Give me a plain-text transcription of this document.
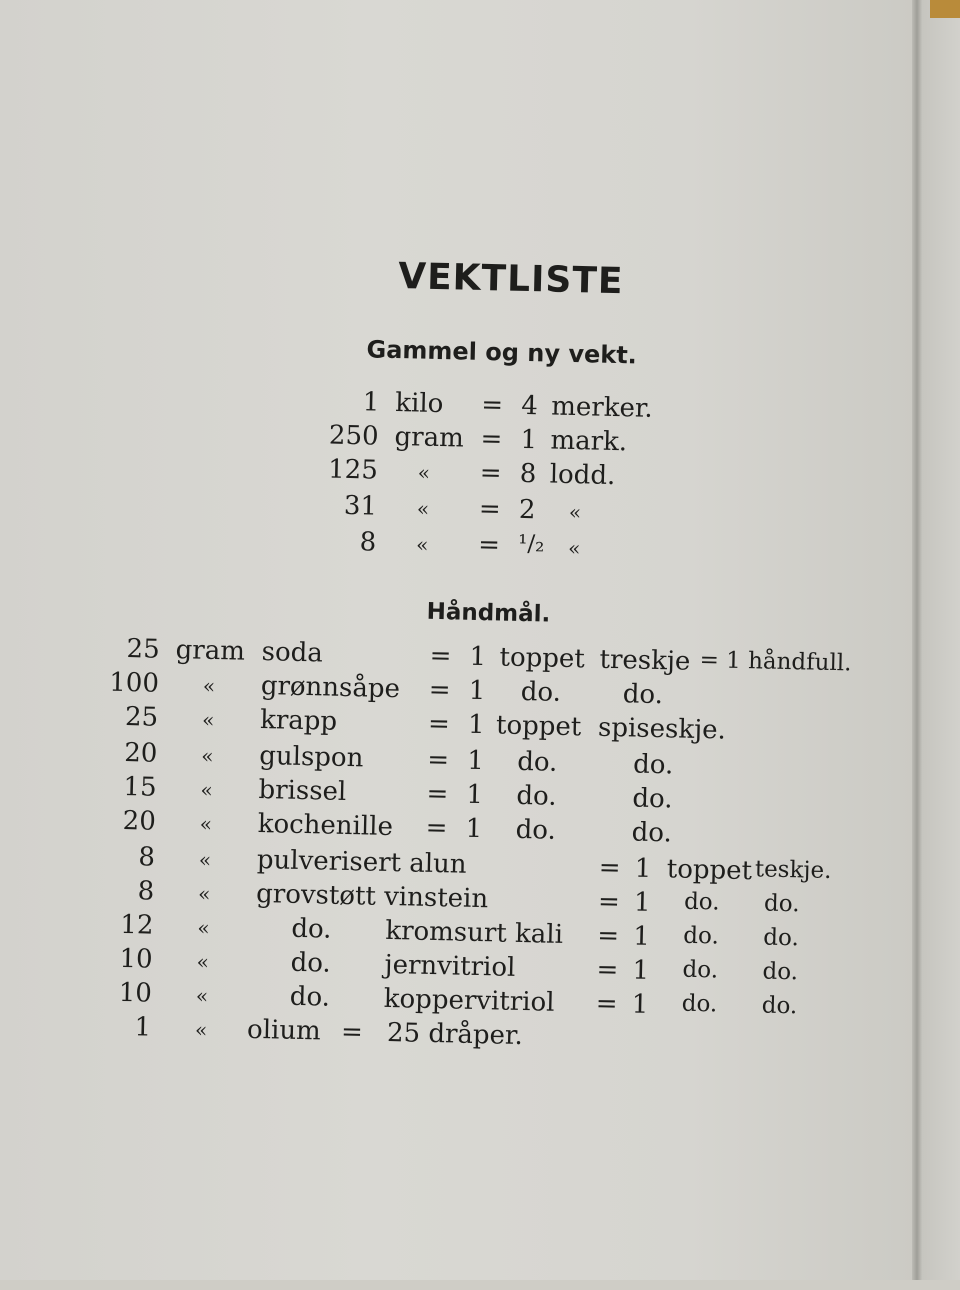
VEKTLISTE
Gammel og ny vekt.
1 kilo = 4 merker.
250 gram = 1 mark.
125 « = 8 lodd.
31 « = 2 «
8 « = ¹/₂ «
Håndmål.
25 gram soda	= 1 toppet treskje = 1 håndfull.
100 « grønnsåpe = 1 do. do.
25 « krapp	= 1 toppet spiseskje.
20 « gulspon = 1 do.	do.
15 « brissel	= 1 do.	do.
20 « kochenille = 1 do.	do.
8 « pulverisert alun	= 1 toppet teskje.
8 « grovstøtt vinstein	= 1 do. do.
12 «	do. kromsurt kali = 1 do. do.
10 «	do. jernvitriol	= 1 do. do.
10 «	do. koppervitriol = 1 do. do.
1 « olium = 25 dråper.
